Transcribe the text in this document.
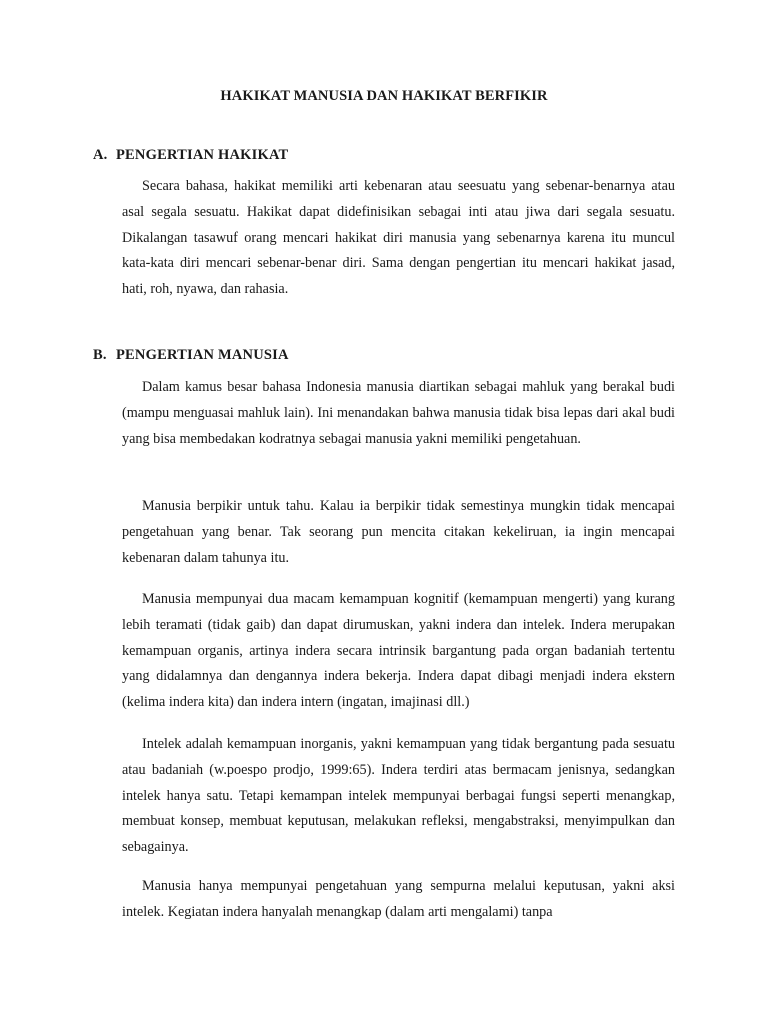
HAKIKAT MANUSIA DAN HAKIKAT BERFIKIR
A. PENGERTIAN HAKIKAT

Secara bahasa, hakikat memiliki arti kebenaran atau seesuatu yang sebenar-benarnya atau asal segala sesuatu. Hakikat dapat didefinisikan sebagai inti atau jiwa dari segala sesuatu. Dikalangan tasawuf orang mencari hakikat diri manusia yang sebenarnya karena itu muncul kata-kata diri mencari sebenar-benar diri. Sama dengan pengertian itu mencari hakikat jasad, hati, roh, nyawa, dan rahasia.

B. PENGERTIAN MANUSIA

Dalam kamus besar bahasa Indonesia manusia diartikan sebagai mahluk yang berakal budi (mampu menguasai mahluk lain). Ini menandakan bahwa manusia tidak bisa lepas dari akal budi yang bisa membedakan kodratnya sebagai manusia yakni memiliki pengetahuan.

Manusia berpikir untuk tahu. Kalau ia berpikir tidak semestinya mungkin tidak mencapai pengetahuan yang benar. Tak seorang pun mencita citakan kekeliruan, ia ingin mencapai kebenaran dalam tahunya itu.

Manusia mempunyai dua macam kemampuan kognitif (kemampuan mengerti) yang kurang lebih teramati (tidak gaib) dan dapat dirumuskan, yakni indera dan intelek. Indera merupakan kemampuan organis, artinya indera secara intrinsik bargantung pada organ badaniah tertentu yang didalamnya dan dengannya indera bekerja. Indera dapat dibagi menjadi indera ekstern (kelima indera kita) dan indera intern (ingatan, imajinasi dll.)

Intelek adalah kemampuan inorganis, yakni kemampuan yang tidak bergantung pada sesuatu atau badaniah (w.poespo prodjo, 1999:65). Indera terdiri atas bermacam jenisnya, sedangkan intelek hanya satu. Tetapi kemampan intelek mempunyai berbagai fungsi seperti menangkap, membuat konsep, membuat keputusan, melakukan refleksi, mengabstraksi, menyimpulkan dan sebagainya.

Manusia hanya mempunyai pengetahuan yang sempurna melalui keputusan, yakni aksi intelek. Kegiatan indera hanyalah menangkap (dalam arti mengalami) tanpa
